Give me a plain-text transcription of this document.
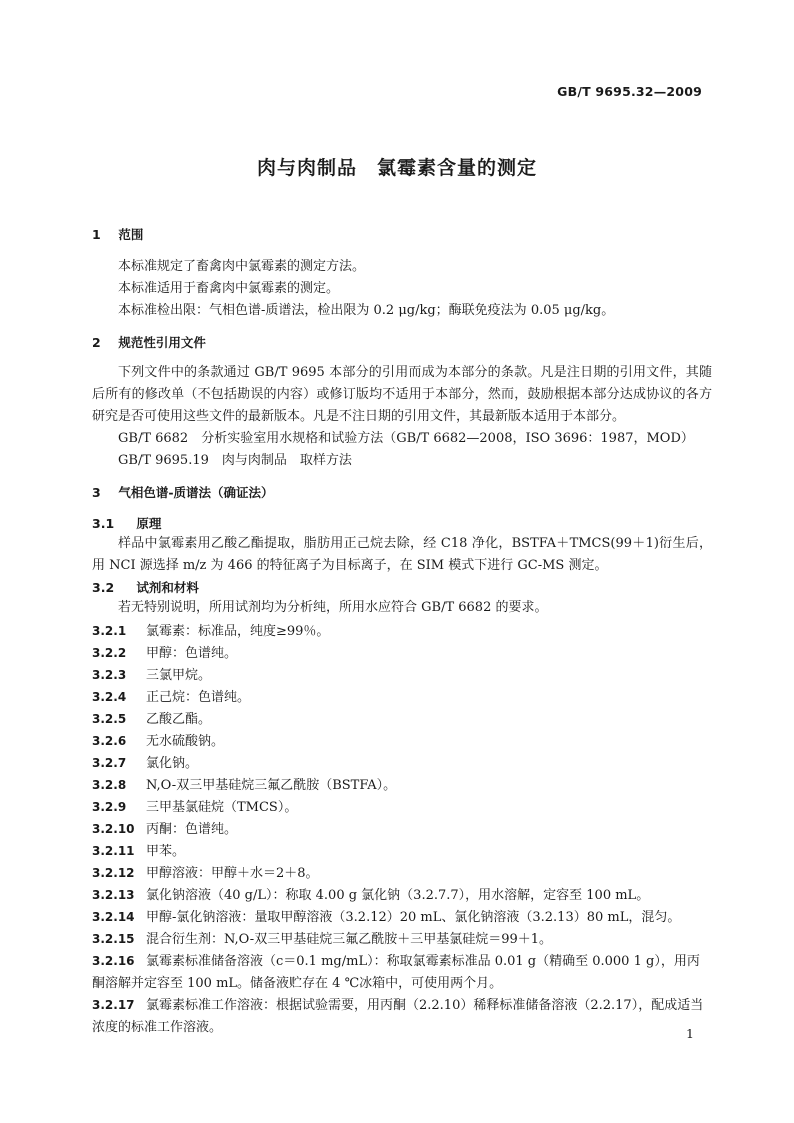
GB/T 9695.32—2009
肉与肉制品　氯霉素含量的测定
1 范围
本标准规定了畜禽肉中氯霉素的测定方法。
本标准适用于畜禽肉中氯霉素的测定。
本标准检出限：气相色谱-质谱法，检出限为 0.2 μg/kg；酶联免疫法为 0.05 μg/kg。
2 规范性引用文件
下列文件中的条款通过 GB/T 9695 本部分的引用而成为本部分的条款。凡是注日期的引用文件，其随后所有的修改单（不包括勘误的内容）或修订版均不适用于本部分，然而，鼓励根据本部分达成协议的各方研究是否可使用这些文件的最新版本。凡是不注日期的引用文件，其最新版本适用于本部分。
GB/T 6682　分析实验室用水规格和试验方法（GB/T 6682—2008，ISO 3696：1987，MOD）
GB/T 9695.19　肉与肉制品　取样方法
3 气相色谱-质谱法（确证法）
3.1 原理
样品中氯霉素用乙酸乙酯提取，脂肪用正己烷去除，经 C18 净化，BSTFA＋TMCS(99＋1)衍生后，用 NCI 源选择 m/z 为 466 的特征离子为目标离子，在 SIM 模式下进行 GC-MS 测定。
3.2 试剂和材料
若无特别说明，所用试剂均为分析纯，所用水应符合 GB/T 6682 的要求。
3.2.1 氯霉素：标准品，纯度≥99％。
3.2.2 甲醇：色谱纯。
3.2.3 三氯甲烷。
3.2.4 正己烷：色谱纯。
3.2.5 乙酸乙酯。
3.2.6 无水硫酸钠。
3.2.7 氯化钠。
3.2.8 N,O-双三甲基硅烷三氟乙酰胺（BSTFA）。
3.2.9 三甲基氯硅烷（TMCS）。
3.2.10 丙酮：色谱纯。
3.2.11 甲苯。
3.2.12 甲醇溶液：甲醇＋水＝2＋8。
3.2.13 氯化钠溶液（40 g/L）：称取 4.00 g 氯化钠（3.2.7.7），用水溶解，定容至 100 mL。
3.2.14 甲醇-氯化钠溶液：量取甲醇溶液（3.2.12）20 mL、氯化钠溶液（3.2.13）80 mL，混匀。
3.2.15 混合衍生剂：N,O-双三甲基硅烷三氟乙酰胺＋三甲基氯硅烷＝99＋1。
3.2.16 氯霉素标准储备溶液（c＝0.1 mg/mL）：称取氯霉素标准品 0.01 g（精确至 0.000 1 g），用丙酮溶解并定容至 100 mL。储备液贮存在 4 ℃冰箱中，可使用两个月。
3.2.17 氯霉素标准工作溶液：根据试验需要，用丙酮（2.2.10）稀释标准储备溶液（2.2.17），配成适当浓度的标准工作溶液。	1
